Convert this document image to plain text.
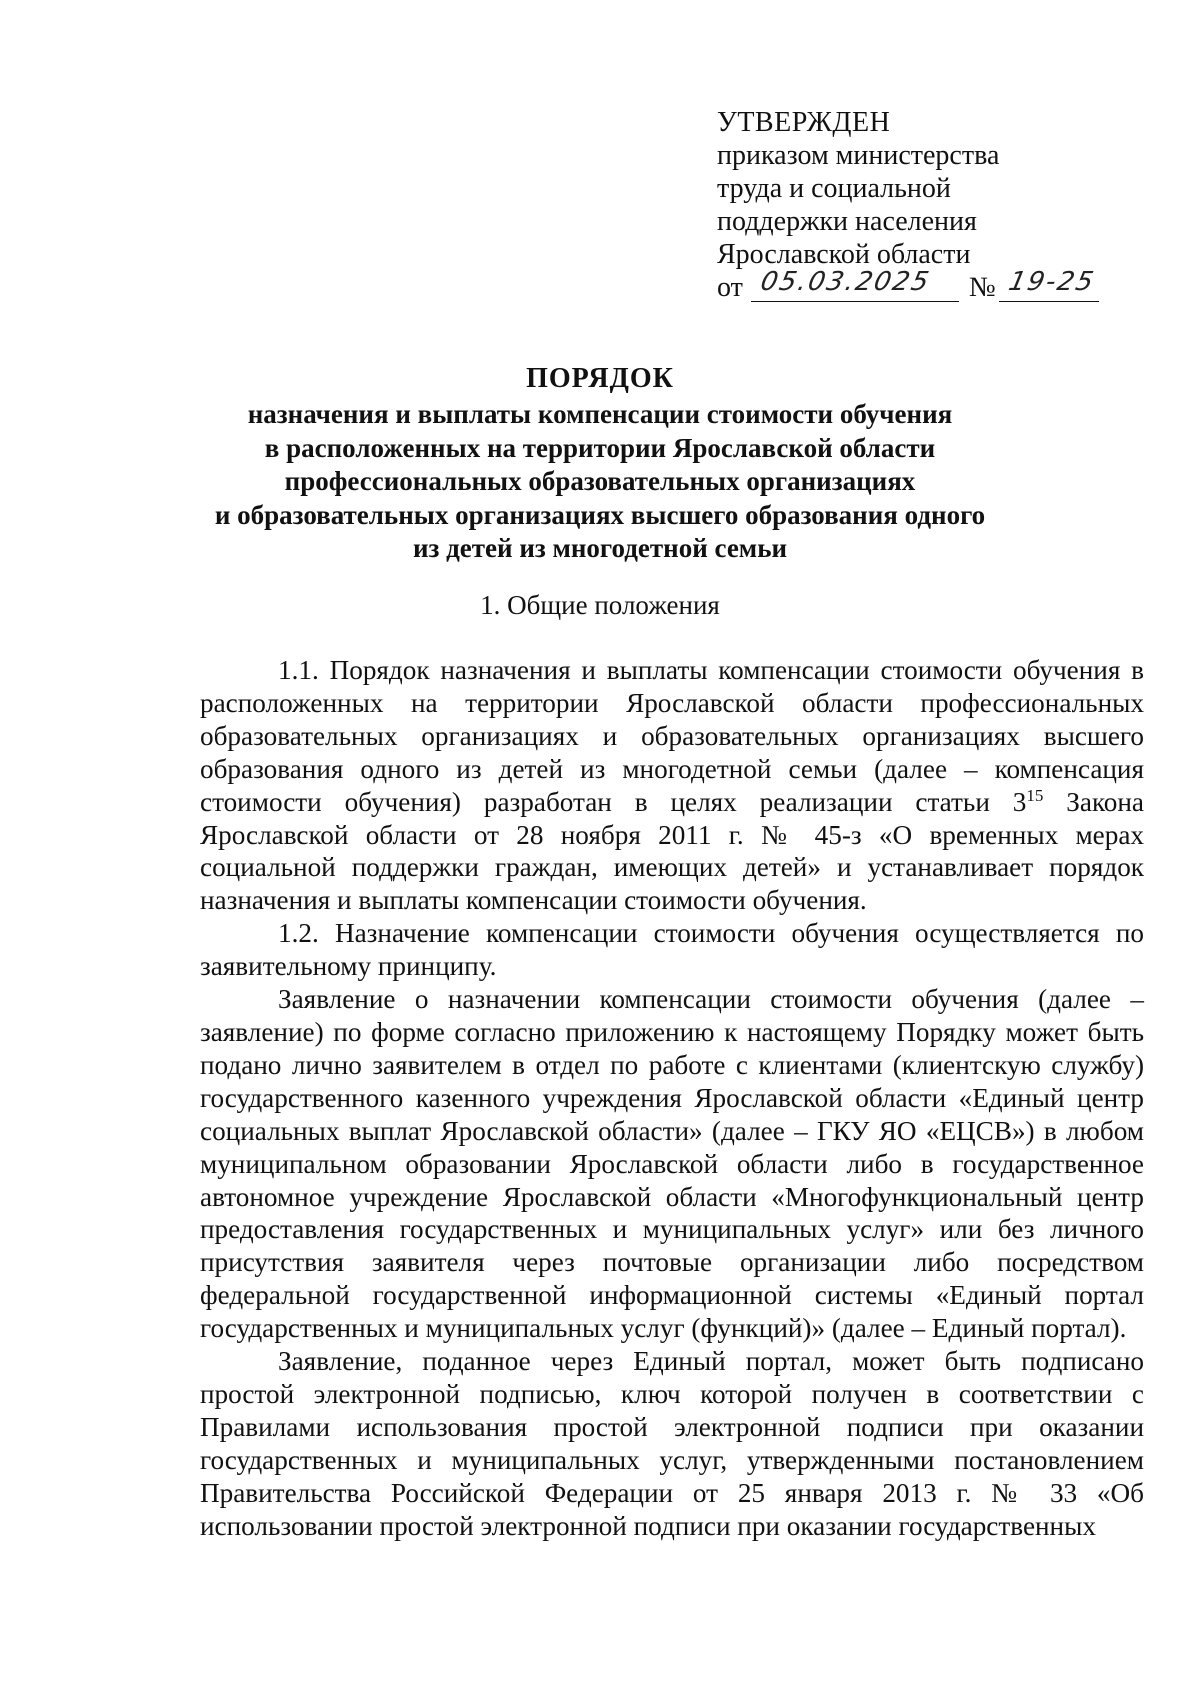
УТВЕРЖДЕН
приказом министерства
труда и социальной
поддержки населения
Ярославской области
от 05.03.2025 № 19-25
ПОРЯДОК
назначения и выплаты компенсации стоимости обучения
в расположенных на территории Ярославской области
профессиональных образовательных организациях
и образовательных организациях высшего образования одного
из детей из многодетной семьи
1. Общие положения

1.1. Порядок назначения и выплаты компенсации стоимости обучения в расположенных на территории Ярославской области профессиональных образовательных организациях и образовательных организациях высшего образования одного из детей из многодетной семьи (далее – компенсация стоимости обучения) разработан в целях реализации статьи $3^{15}$ Закона Ярославской области от 28 ноября 2011 г. № 45-з «О временных мерах социальной поддержки граждан, имеющих детей» и устанавливает порядок назначения и выплаты компенсации стоимости обучения.

1.2. Назначение компенсации стоимости обучения осуществляется по заявительному принципу.

Заявление о назначении компенсации стоимости обучения (далее – заявление) по форме согласно приложению к настоящему Порядку может быть подано лично заявителем в отдел по работе с клиентами (клиентскую службу) государственного казенного учреждения Ярославской области «Единый центр социальных выплат Ярославской области» (далее – ГКУ ЯО «ЕЦСВ») в любом муниципальном образовании Ярославской области либо в государственное автономное учреждение Ярославской области «Многофункциональный центр предоставления государственных и муниципальных услуг» или без личного присутствия заявителя через почтовые организации либо посредством федеральной государственной информационной системы «Единый портал государственных и муниципальных услуг (функций)» (далее – Единый портал).

Заявление, поданное через Единый портал, может быть подписано простой электронной подписью, ключ которой получен в соответствии с Правилами использования простой электронной подписи при оказании государственных и муниципальных услуг, утвержденными постановлением Правительства Российской Федерации от 25 января 2013 г. № 33 «Об использовании простой электронной подписи при оказании государственных
